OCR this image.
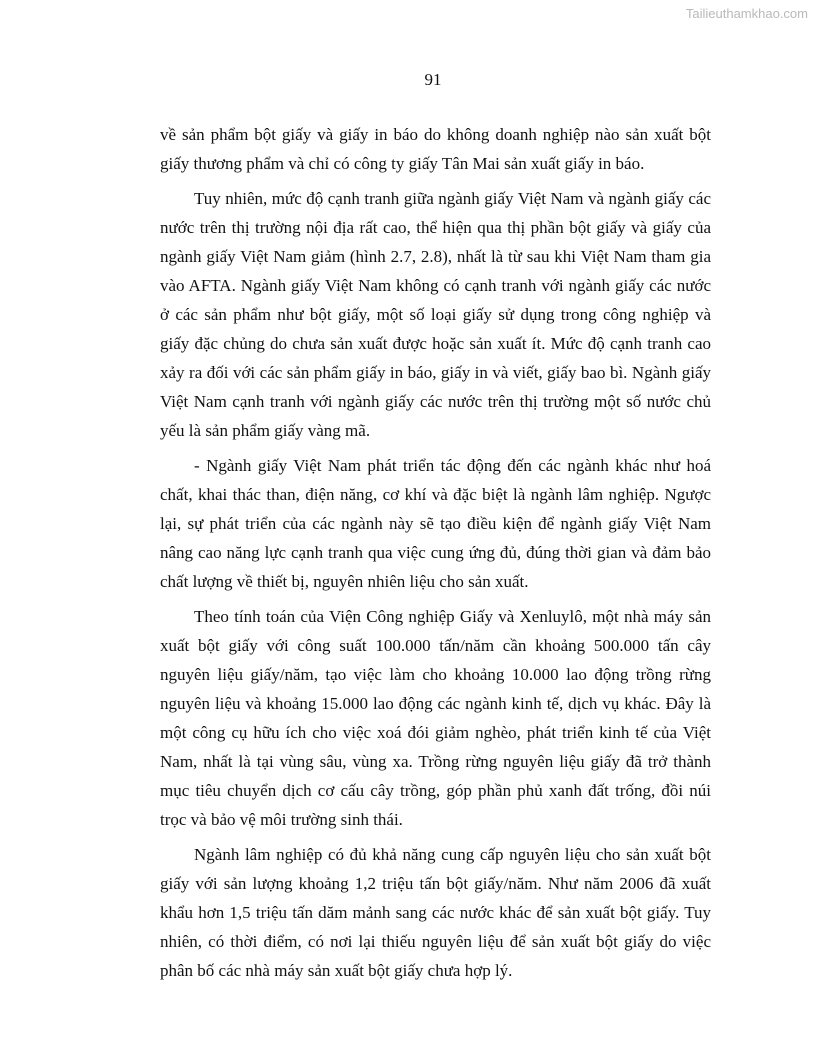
Tailieuthamkhao.com
91

về sản phẩm bột giấy và giấy in báo do không doanh nghiệp nào sản xuất bột giấy thương phẩm và chỉ có công ty giấy Tân Mai sản xuất giấy in báo.

Tuy nhiên, mức độ cạnh tranh giữa ngành giấy Việt Nam và ngành giấy các nước trên thị trường nội địa rất cao, thể hiện qua thị phần bột giấy và giấy của ngành giấy Việt Nam giảm (hình 2.7, 2.8), nhất là từ sau khi Việt Nam tham gia vào AFTA. Ngành giấy Việt Nam không có cạnh tranh với ngành giấy các nước ở các sản phẩm như bột giấy, một số loại giấy sử dụng trong công nghiệp và giấy đặc chủng do chưa sản xuất được hoặc sản xuất ít. Mức độ cạnh tranh cao xảy ra đối với các sản phẩm giấy in báo, giấy in và viết, giấy bao bì. Ngành giấy Việt Nam cạnh tranh với ngành giấy các nước trên thị trường một số nước chủ yếu là sản phẩm giấy vàng mã.

- Ngành giấy Việt Nam phát triển tác động đến các ngành khác như hoá chất, khai thác than, điện năng, cơ khí và đặc biệt là ngành lâm nghiệp. Ngược lại, sự phát triển của các ngành này sẽ tạo điều kiện để ngành giấy Việt Nam nâng cao năng lực cạnh tranh qua việc cung ứng đủ, đúng thời gian và đảm bảo chất lượng về thiết bị, nguyên nhiên liệu cho sản xuất.

Theo tính toán của Viện Công nghiệp Giấy và Xenluylô, một nhà máy sản xuất bột giấy với công suất 100.000 tấn/năm cần khoảng 500.000 tấn cây nguyên liệu giấy/năm, tạo việc làm cho khoảng 10.000 lao động trồng rừng nguyên liệu và khoảng 15.000 lao động các ngành kinh tế, dịch vụ khác. Đây là một công cụ hữu ích cho việc xoá đói giảm nghèo, phát triển kinh tế của Việt Nam, nhất là tại vùng sâu, vùng xa. Trồng rừng nguyên liệu giấy đã trở thành mục tiêu chuyển dịch cơ cấu cây trồng, góp phần phủ xanh đất trống, đồi núi trọc và bảo vệ môi trường sinh thái.

Ngành lâm nghiệp có đủ khả năng cung cấp nguyên liệu cho sản xuất bột giấy với sản lượng khoảng 1,2 triệu tấn bột giấy/năm. Như năm 2006 đã xuất khẩu hơn 1,5 triệu tấn dăm mảnh sang các nước khác để sản xuất bột giấy. Tuy nhiên, có thời điểm, có nơi lại thiếu nguyên liệu để sản xuất bột giấy do việc phân bố các nhà máy sản xuất bột giấy chưa hợp lý.
